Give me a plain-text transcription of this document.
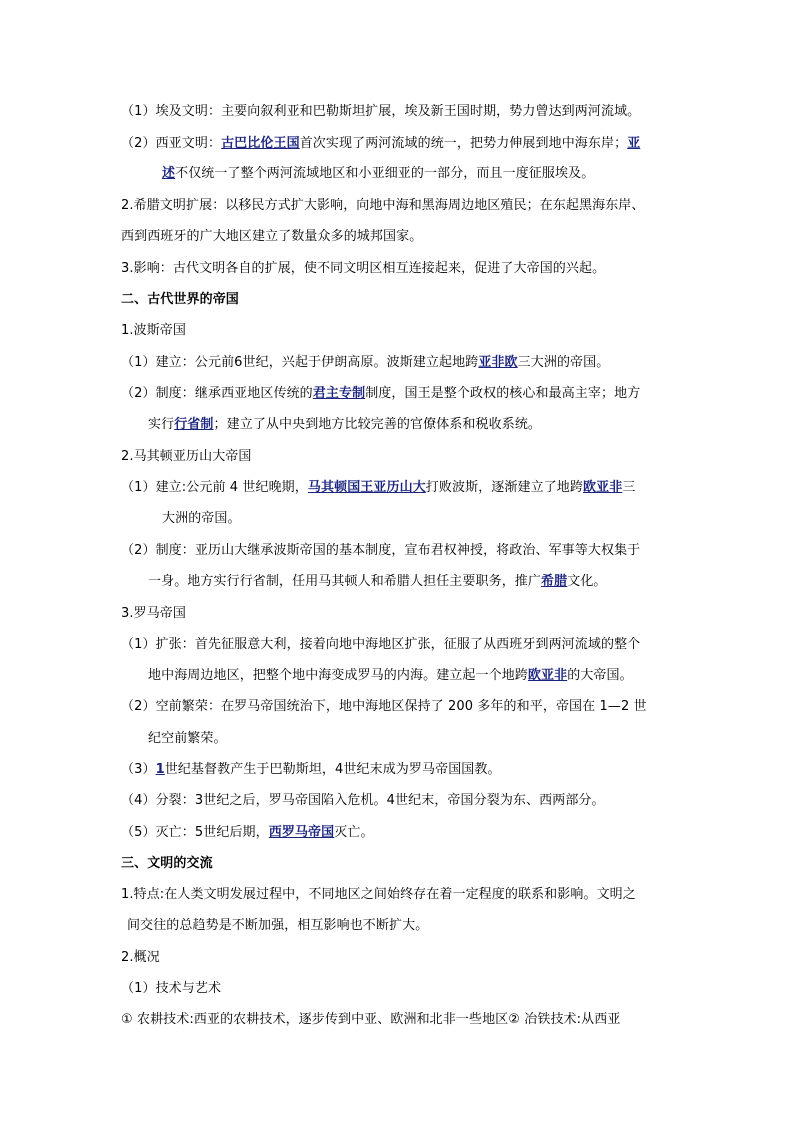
（1）埃及文明：主要向叙利亚和巴勒斯坦扩展，埃及新王国时期，势力曾达到两河流域。
（2）西亚文明：古巴比伦王国首次实现了两河流域的统一，把势力伸展到地中海东岸；亚
述不仅统一了整个两河流域地区和小亚细亚的一部分，而且一度征服埃及。
2.希腊文明扩展：以移民方式扩大影响，向地中海和黑海周边地区殖民；在东起黑海东岸、
西到西班牙的广大地区建立了数量众多的城邦国家。
3.影响：古代文明各自的扩展，使不同文明区相互连接起来，促进了大帝国的兴起。
二、古代世界的帝国
1.波斯帝国
（1）建立：公元前6世纪，兴起于伊朗高原。波斯建立起地跨亚非欧三大洲的帝国。
（2）制度：继承西亚地区传统的君主专制制度，国王是整个政权的核心和最高主宰；地方
实行行省制；建立了从中央到地方比较完善的官僚体系和税收系统。
2.马其顿亚历山大帝国
（1）建立:公元前 4 世纪晚期，马其顿国王亚历山大打败波斯，逐渐建立了地跨欧亚非三
大洲的帝国。
（2）制度：亚历山大继承波斯帝国的基本制度，宣布君权神授，将政治、军事等大权集于
一身。地方实行行省制，任用马其顿人和希腊人担任主要职务，推广希腊文化。
3.罗马帝国
（1）扩张：首先征服意大利，接着向地中海地区扩张，征服了从西班牙到两河流域的整个
地中海周边地区，把整个地中海变成罗马的内海。建立起一个地跨欧亚非的大帝国。
（2）空前繁荣：在罗马帝国统治下，地中海地区保持了 200 多年的和平，帝国在 1—2 世
纪空前繁荣。
（3）1世纪基督教产生于巴勒斯坦，4世纪末成为罗马帝国国教。
（4）分裂：3世纪之后，罗马帝国陷入危机。4世纪末，帝国分裂为东、西两部分。
（5）灭亡：5世纪后期，西罗马帝国灭亡。
三、文明的交流
1.特点:在人类文明发展过程中，不同地区之间始终存在着一定程度的联系和影响。文明之
间交往的总趋势是不断加强，相互影响也不断扩大。
2.概况
（1）技术与艺术
① 农耕技术:西亚的农耕技术，逐步传到中亚、欧洲和北非一些地区② 冶铁技术:从西亚
